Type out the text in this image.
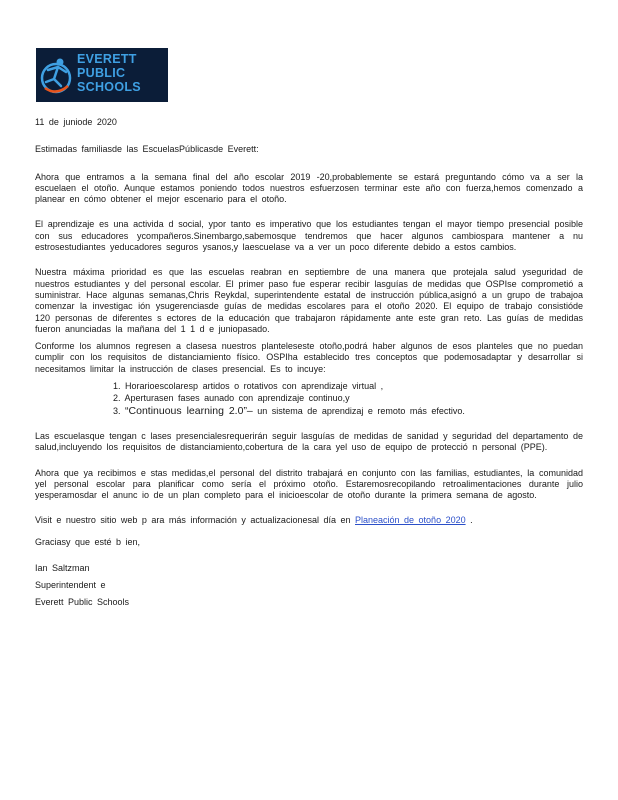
EVERETT
PUBLIC
SCHOOLS

11 de juniode 2020

Estimadas familiasde las EscuelasPúblicasde Everett:

Ahora que entramos a la semana final del año escolar 2019 -20,probablemente se estará preguntando cómo va a ser la escuelaen el otoño. Aunque estamos poniendo todos nuestros esfuerzosen terminar este año con fuerza,hemos comenzado a planear en cómo obtener el mejor escenario para el otoño.

El aprendizaje es una activida d social, ypor tanto es imperativo que los estudiantes tengan el mayor tiempo presencial posible con sus educadores ycompañeros.Sinembargo,sabemosque tendremos que hacer algunos cambiospara mantener a nu estrosestudiantes yeducadores seguros ysanos,y laescuelase va a ver un poco diferente debido a estos cambios.

Nuestra máxima prioridad es que las escuelas reabran en septiembre de una manera que protejala salud yseguridad de nuestros estudiantes y del personal escolar. El primer paso fue esperar recibir lasguías de medidas que OSPIse comprometió a suministrar. Hace algunas semanas,Chris Reykdal, superintendente estatal de instrucción pública,asignó a un grupo de trabajoa comenzar la investigac ión ysugerenciasde guías de medidas escolares para el otoño 2020. El equipo de trabajo consistióde 120 personas de diferentes s ectores de la educación que trabajaron rápidamente ante este gran reto. Las guías de medidas fueron anunciadas la mañana del 1 1 d e juniopasado.

Conforme los alumnos regresen a clasesa nuestros planteleseste otoño,podrá haber algunos de esos planteles que no puedan cumplir con los requisitos de distanciamiento físico. OSPIha establecido tres conceptos que podemosadaptar y desarrollar si necesitamos limitar la instrucción de clases presencial. Es to incuye:

1. Horarioescolaresp artidos o rotativos con aprendizaje virtual ,
2. Aperturasen fases aunado con aprendizaje continuo,y
3. “Continuous learning 2.0”– un sistema de aprendizaj e remoto más efectivo.

Las escuelasque tengan c lases presencialesrequerirán seguir lasguías de medidas de sanidad y seguridad del departamento de salud,incluyendo los requisitos de distanciamiento,cobertura de la cara yel uso de equipo de protecció n personal (PPE).

Ahora que ya recibimos e stas medidas,el personal del distrito trabajará en conjunto con las familias, estudiantes, la comunidad yel personal escolar para planificar como sería el próximo otoño. Estaremosrecopilando retroalimentaciones durante julio yesperamosdar el anunc io de un plan completo para el inicioescolar de otoño durante la primera semana de agosto.

Visit e nuestro sitio web p ara más información y actualizacionesal día en Planeación de otoño 2020 .

Graciasy que esté b ien,

Ian Saltzman
Superintendent e
Everett Public Schools
